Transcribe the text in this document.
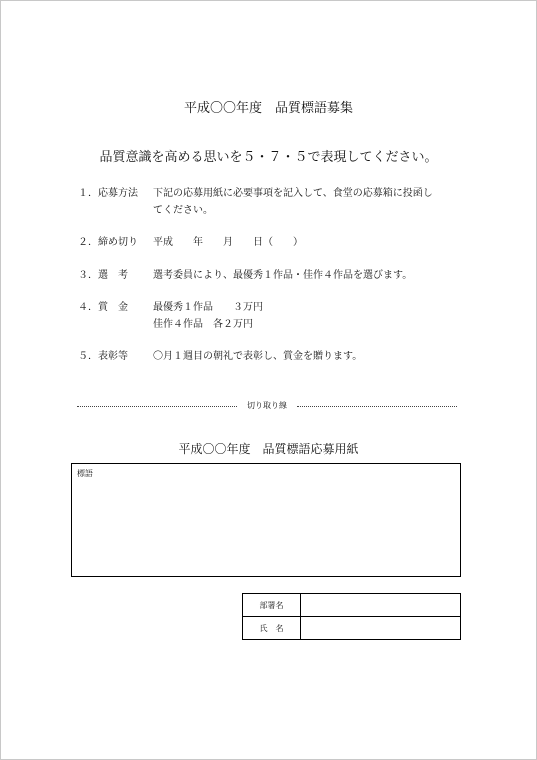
平成〇〇年度　品質標語募集
品質意識を高める思いを５・７・５で表現してください。
１．応募方法	下記の応募用紙に必要事項を記入して、食堂の応募箱に投函し
てください。
２．締め切り	平成　　年　　月　　日（　　）
３．選　考	選考委員により、最優秀１作品・佳作４作品を選びます。
４．賞　金	最優秀１作品　　３万円
佳作４作品　各２万円
５．表彰等	〇月１週目の朝礼で表彰し、賞金を贈ります。
切り取り線
平成〇〇年度　品質標語応募用紙
標語
部署名	
氏　名	
